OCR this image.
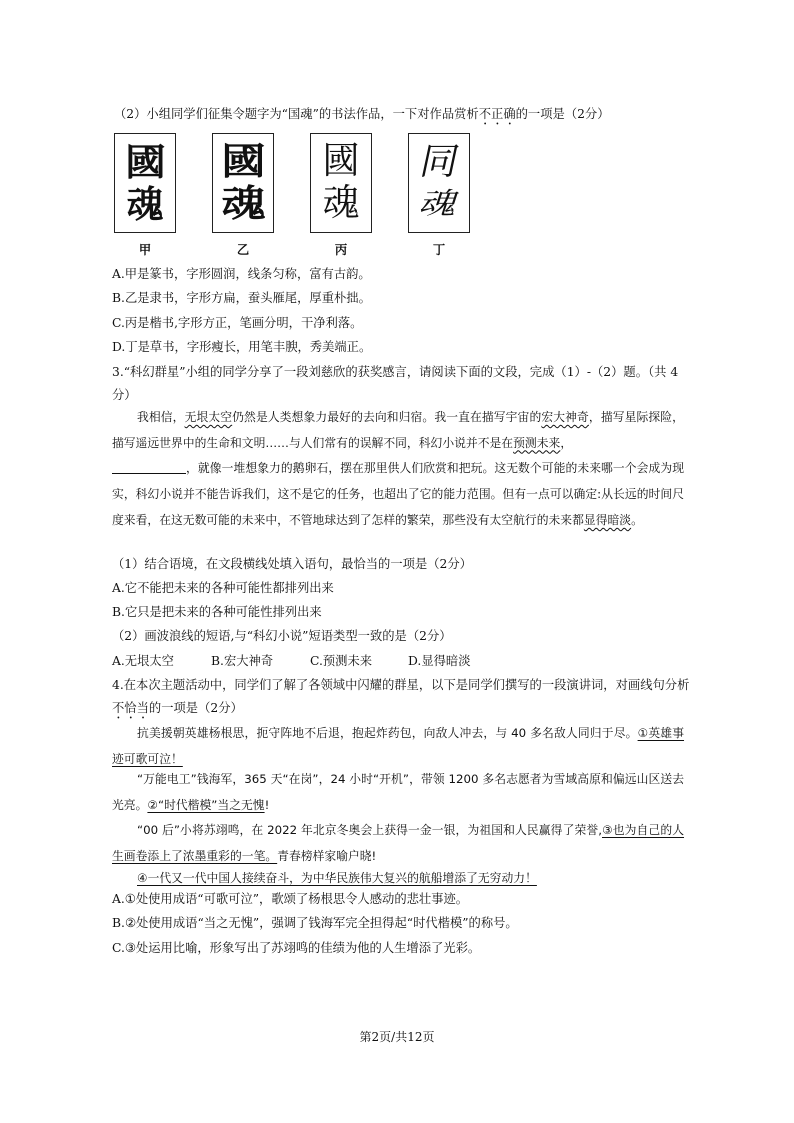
（2）小组同学们征集令题字为“国魂”的书法作品，一下对作品赏析不正确的一项是（2分）
國
魂
國
魂
國
魂
同
魂
甲	乙	丙	丁
A.甲是篆书，字形圆润，线条匀称，富有古韵。
B.乙是隶书，字形方扁，蚕头雁尾，厚重朴拙。
C.丙是楷书,字形方正，笔画分明，干净利落。
D.丁是草书，字形瘦长，用笔丰腴，秀美端正。
3.“科幻群星”小组的同学分享了一段刘慈欣的获奖感言，请阅读下面的文段，完成（1）-（2）题。（共 4
分）
我相信，无垠太空仍然是人类想象力最好的去向和归宿。我一直在描写宇宙的宏大神奇，描写星际探险，描写遥远世界中的生命和文明……与人们常有的误解不同，科幻小说并不是在预测未来，
，就像一堆想象力的鹅卵石，摆在那里供人们欣赏和把玩。这无数个可能的未来哪一个会成为现实，科幻小说并不能告诉我们，这不是它的任务，也超出了它的能力范围。但有一点可以确定:从长远的时间尺度来看，在这无数可能的未来中，不管地球达到了怎样的繁荣，那些没有太空航行的未来都显得暗淡。
（1）结合语境，在文段横线处填入语句，最恰当的一项是（2分）
A.它不能把未来的各种可能性都排列出来
B.它只是把未来的各种可能性排列出来
（2）画波浪线的短语,与“科幻小说”短语类型一致的是（2分）
A.无垠太空	B.宏大神奇	C.预测未来	D.显得暗淡
4.在本次主题活动中，同学们了解了各领域中闪耀的群星，以下是同学们撰写的一段演讲词，对画线句分析
不恰当的一项是（2分）
抗美援朝英雄杨根思，扼守阵地不后退，抱起炸药包，向敌人冲去，与 40 多名敌人同归于尽。①英雄事迹可歌可泣！
“万能电工”钱海军，365 天“在岗”，24 小时“开机”，带领 1200 多名志愿者为雪域高原和偏远山区送去光亮。②“时代楷模”当之无愧!
“00 后”小将苏翊鸣，在 2022 年北京冬奥会上获得一金一银，为祖国和人民赢得了荣誉,③也为自己的人生画卷添上了浓墨重彩的一笔。青春榜样家喻户晓!
④一代又一代中国人接续奋斗，为中华民族伟大复兴的航船增添了无穷动力！
A.①处使用成语“可歌可泣”，歌颂了杨根思令人感动的悲壮事迹。
B.②处使用成语“当之无愧”，强调了钱海军完全担得起“时代楷模”的称号。
C.③处运用比喻，形象写出了苏翊鸣的佳绩为他的人生增添了光彩。
第2页/共12页
